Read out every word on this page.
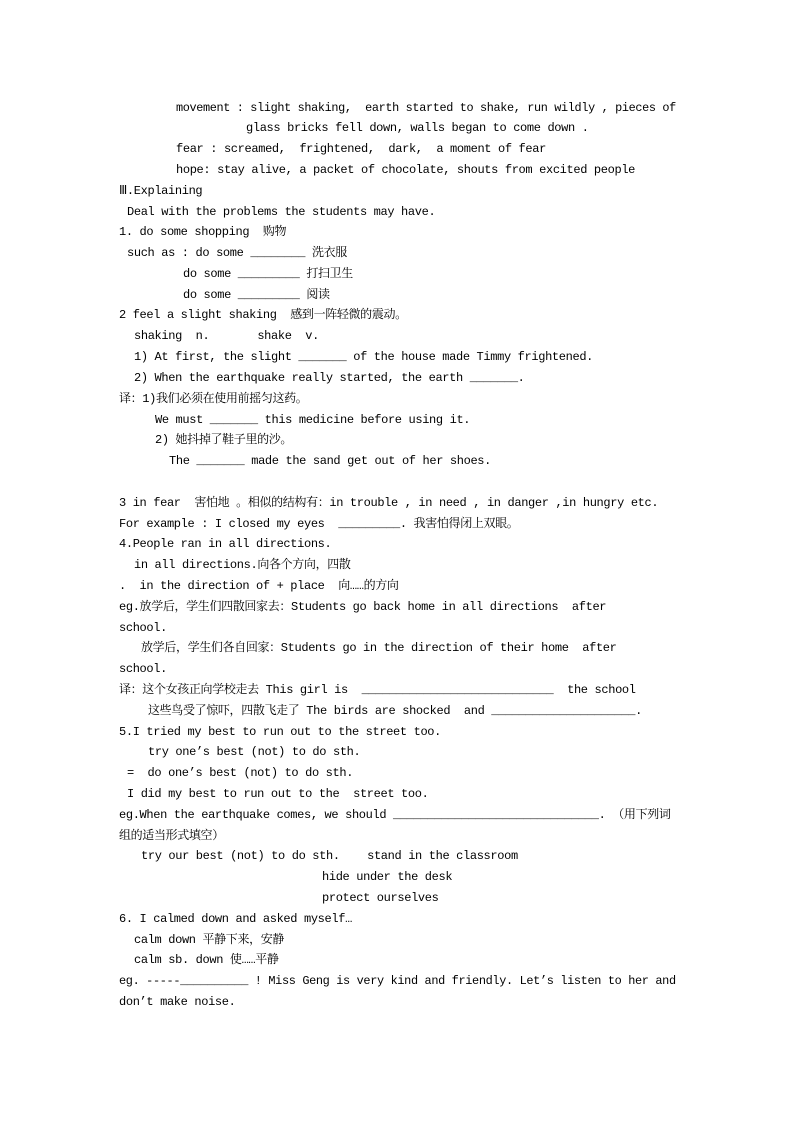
movement : slight shaking,  earth started to shake, run wildly , pieces of
glass bricks fell down, walls began to come down .
fear : screamed,  frightened,  dark,  a moment of fear
hope: stay alive, a packet of chocolate, shouts from excited people
Ⅲ.Explaining
Deal with the problems the students may have.
1. do some shopping  购物
such as : do some ________ 洗衣服
do some _________ 打扫卫生
do some _________ 阅读
2 feel a slight shaking  感到一阵轻微的震动。
shaking  n.       shake  v.
1) At first, the slight _______ of the house made Timmy frightened.
2) When the earthquake really started, the earth _______.
译：1)我们必须在使用前摇匀这药。
We must _______ this medicine before using it.
2) 她抖掉了鞋子里的沙。
The _______ made the sand get out of her shoes.
3 in fear  害怕地 。相似的结构有：in trouble , in need , in danger ,in hungry etc.
For example : I closed my eyes  _________. 我害怕得闭上双眼。
4.People ran in all directions.
in all directions.向各个方向，四散
.  in the direction of + place  向……的方向
eg.放学后，学生们四散回家去：Students go back home in all directions  after
school.
放学后，学生们各自回家：Students go in the direction of their home  after
school.
译：这个女孩正向学校走去 This girl is  ____________________________  the school
这些鸟受了惊吓，四散飞走了 The birds are shocked  and _____________________.
5.I tried my best to run out to the street too.
try one’s best (not) to do sth.
=  do one’s best (not) to do sth.
I did my best to run out to the  street too.
eg.When the earthquake comes, we should ______________________________. （用下列词
组的适当形式填空）
try our best (not) to do sth.    stand in the classroom
hide under the desk
protect ourselves
6. I calmed down and asked myself…
calm down 平静下来，安静
calm sb. down 使……平静
eg. -----__________ ! Miss Geng is very kind and friendly. Let’s listen to her and
don’t make noise.
